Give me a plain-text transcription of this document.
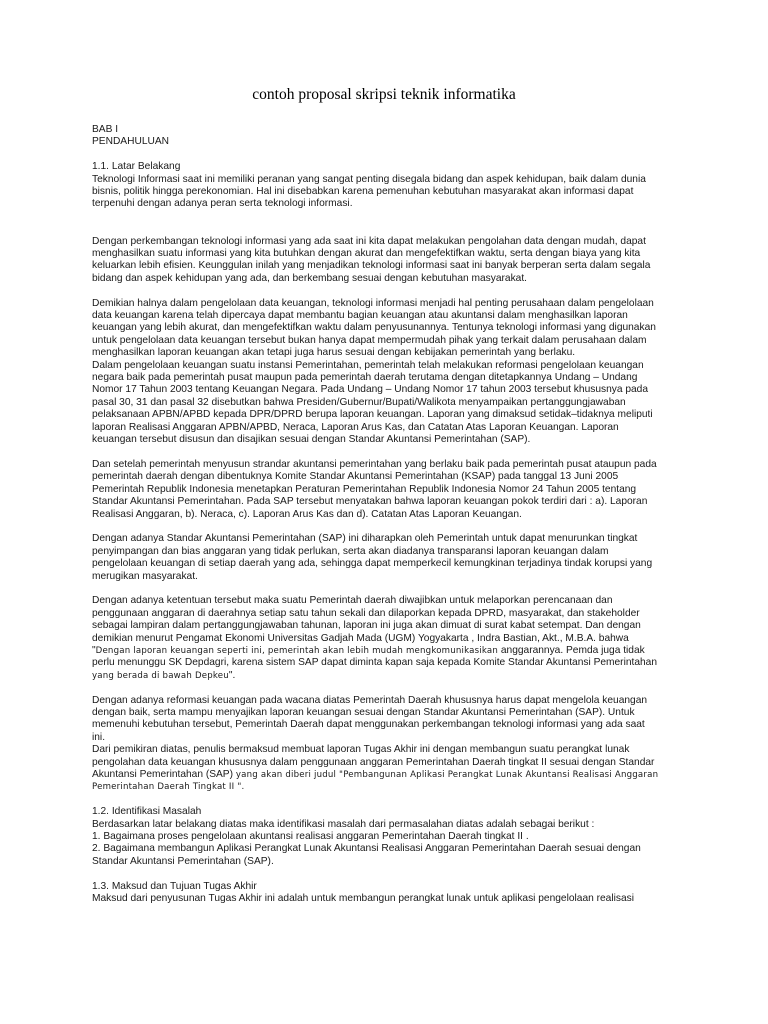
contoh proposal skripsi teknik informatika

BAB I

PENDAHULUAN

1.1. Latar Belakang

Teknologi Informasi saat ini memiliki peranan yang sangat penting disegala bidang dan aspek kehidupan, baik dalam dunia
bisnis, politik hingga perekonomian. Hal ini disebabkan karena pemenuhan kebutuhan masyarakat akan informasi dapat
terpenuhi dengan adanya peran serta teknologi informasi.

Dengan perkembangan teknologi informasi yang ada saat ini kita dapat melakukan pengolahan data dengan mudah, dapat
menghasilkan suatu informasi yang kita butuhkan dengan akurat dan mengefektifkan waktu, serta dengan biaya yang kita
keluarkan lebih efisien. Keunggulan inilah yang menjadikan teknologi informasi saat ini banyak berperan serta dalam segala
bidang dan aspek kehidupan yang ada, dan berkembang sesuai dengan kebutuhan masyarakat.

Demikian halnya dalam pengelolaan data keuangan, teknologi informasi menjadi hal penting perusahaan dalam pengelolaan
data keuangan karena telah dipercaya dapat membantu bagian keuangan atau akuntansi dalam menghasilkan laporan
keuangan yang lebih akurat, dan mengefektifkan waktu dalam penyusunannya. Tentunya teknologi informasi yang digunakan
untuk pengelolaan data keuangan tersebut bukan hanya dapat mempermudah pihak yang terkait dalam perusahaan dalam
menghasilkan laporan keuangan akan tetapi juga harus sesuai dengan kebijakan pemerintah yang berlaku.

Dalam pengelolaan keuangan suatu instansi Pemerintahan, pemerintah telah melakukan reformasi pengelolaan keuangan
negara baik pada pemerintah pusat maupun pada pemerintah daerah terutama dengan ditetapkannya Undang – Undang
Nomor 17 Tahun 2003 tentang Keuangan Negara. Pada Undang – Undang Nomor 17 tahun 2003 tersebut khususnya pada
pasal 30, 31 dan pasal 32 disebutkan bahwa Presiden/Gubernur/Bupati/Walikota menyampaikan pertanggungjawaban
pelaksanaan APBN/APBD kepada DPR/DPRD berupa laporan keuangan. Laporan yang dimaksud setidak–tidaknya meliputi
laporan Realisasi Anggaran APBN/APBD, Neraca, Laporan Arus Kas, dan Catatan Atas Laporan Keuangan. Laporan
keuangan tersebut disusun dan disajikan sesuai dengan Standar Akuntansi Pemerintahan (SAP).

Dan setelah pemerintah menyusun strandar akuntansi pemerintahan yang berlaku baik pada pemerintah pusat ataupun pada
pemerintah daerah dengan dibentuknya Komite Standar Akuntansi Pemerintahan (KSAP) pada tanggal 13 Juni 2005
Pemerintah Republik Indonesia menetapkan Peraturan Pemerintahan Republik Indonesia Nomor 24 Tahun 2005 tentang
Standar Akuntansi Pemerintahan. Pada SAP tersebut menyatakan bahwa laporan keuangan pokok terdiri dari : a). Laporan
Realisasi Anggaran, b). Neraca, c). Laporan Arus Kas dan d). Catatan Atas Laporan Keuangan.

Dengan adanya Standar Akuntansi Pemerintahan (SAP) ini diharapkan oleh Pemerintah untuk dapat menurunkan tingkat
penyimpangan dan bias anggaran yang tidak perlukan, serta akan diadanya transparansi laporan keuangan dalam
pengelolaan keuangan di setiap daerah yang ada, sehingga dapat memperkecil kemungkinan terjadinya tindak korupsi yang
merugikan masyarakat.

Dengan adanya ketentuan tersebut maka suatu Pemerintah daerah diwajibkan untuk melaporkan perencanaan dan
penggunaan anggaran di daerahnya setiap satu tahun sekali dan dilaporkan kepada DPRD, masyarakat, dan stakeholder
sebagai lampiran dalam pertanggungjawaban tahunan, laporan ini juga akan dimuat di surat kabat setempat. Dan dengan
demikian menurut Pengamat Ekonomi Universitas Gadjah Mada (UGM) Yogyakarta , Indra Bastian, Akt., M.B.A. bahwa

"Dengan laporan keuangan seperti ini, pemerintah akan lebih mudah mengkomunikasikan anggarannya. Pemda juga tidak

perlu menunggu SK Depdagri, karena sistem SAP dapat diminta kapan saja kepada Komite Standar Akuntansi Pemerintahan

yang berada di bawah Depkeu".

Dengan adanya reformasi keuangan pada wacana diatas Pemerintah Daerah khususnya harus dapat mengelola keuangan
dengan baik, serta mampu menyajikan laporan keuangan sesuai dengan Standar Akuntansi Pemerintahan (SAP). Untuk
memenuhi kebutuhan tersebut, Pemerintah Daerah dapat menggunakan perkembangan teknologi informasi yang ada saat
ini.
Dari pemikiran diatas, penulis bermaksud membuat laporan Tugas Akhir ini dengan membangun suatu perangkat lunak
pengolahan data keuangan khususnya dalam penggunaan anggaran Pemerintahan Daerah tingkat II sesuai dengan Standar

Akuntansi Pemerintahan (SAP) yang akan diberi judul "Pembangunan Aplikasi Perangkat Lunak Akuntansi Realisasi Anggaran

Pemerintahan Daerah Tingkat II ".

1.2. Identifikasi Masalah

Berdasarkan latar belakang diatas maka identifikasi masalah dari permasalahan diatas adalah sebagai berikut :
1. Bagaimana proses pengelolaan akuntansi realisasi anggaran Pemerintahan Daerah tingkat II .
2. Bagaimana membangun Aplikasi Perangkat Lunak Akuntansi Realisasi Anggaran Pemerintahan Daerah sesuai dengan
Standar Akuntansi Pemerintahan (SAP).

1.3. Maksud dan Tujuan Tugas Akhir

Maksud dari penyusunan Tugas Akhir ini adalah untuk membangun perangkat lunak untuk aplikasi pengelolaan realisasi
